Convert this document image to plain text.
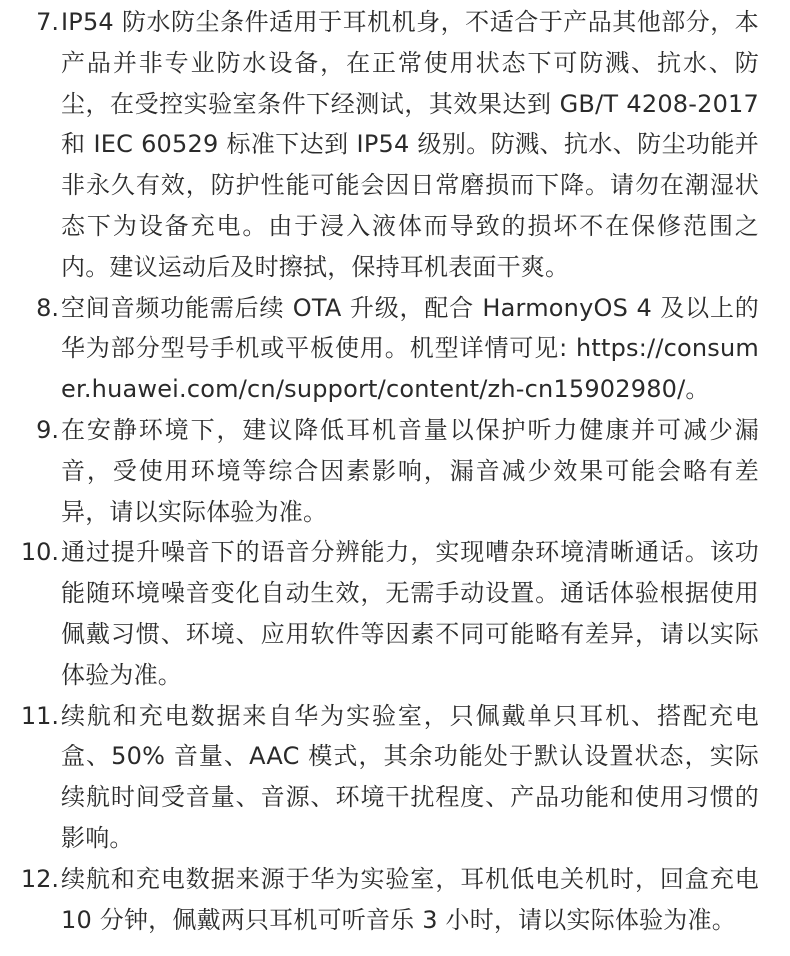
7. IP54 防水防尘条件适用于耳机机身，不适合于产品其他部分，本产品并非专业防水设备，在正常使用状态下可防溅、抗水、防尘，在受控实验室条件下经测试，其效果达到 GB/T 4208-2017 和 IEC 60529 标准下达到 IP54 级别。防溅、抗水、防尘功能并非永久有效，防护性能可能会因日常磨损而下降。请勿在潮湿状态下为设备充电。由于浸入液体而导致的损坏不在保修范围之内。建议运动后及时擦拭，保持耳机表面干爽。
8. 空间音频功能需后续 OTA 升级，配合 HarmonyOS 4 及以上的华为部分型号手机或平板使用。机型详情可见: https://consumer.huawei.com/cn/support/content/zh-cn15902980/。
9. 在安静环境下，建议降低耳机音量以保护听力健康并可减少漏音，受使用环境等综合因素影响，漏音减少效果可能会略有差异，请以实际体验为准。
10. 通过提升噪音下的语音分辨能力，实现嘈杂环境清晰通话。该功能随环境噪音变化自动生效，无需手动设置。通话体验根据使用佩戴习惯、环境、应用软件等因素不同可能略有差异，请以实际体验为准。
11. 续航和充电数据来自华为实验室，只佩戴单只耳机、搭配充电盒、50% 音量、AAC 模式，其余功能处于默认设置状态，实际续航时间受音量、音源、环境干扰程度、产品功能和使用习惯的影响。
12. 续航和充电数据来源于华为实验室，耳机低电关机时，回盒充电 10 分钟，佩戴两只耳机可听音乐 3 小时，请以实际体验为准。
